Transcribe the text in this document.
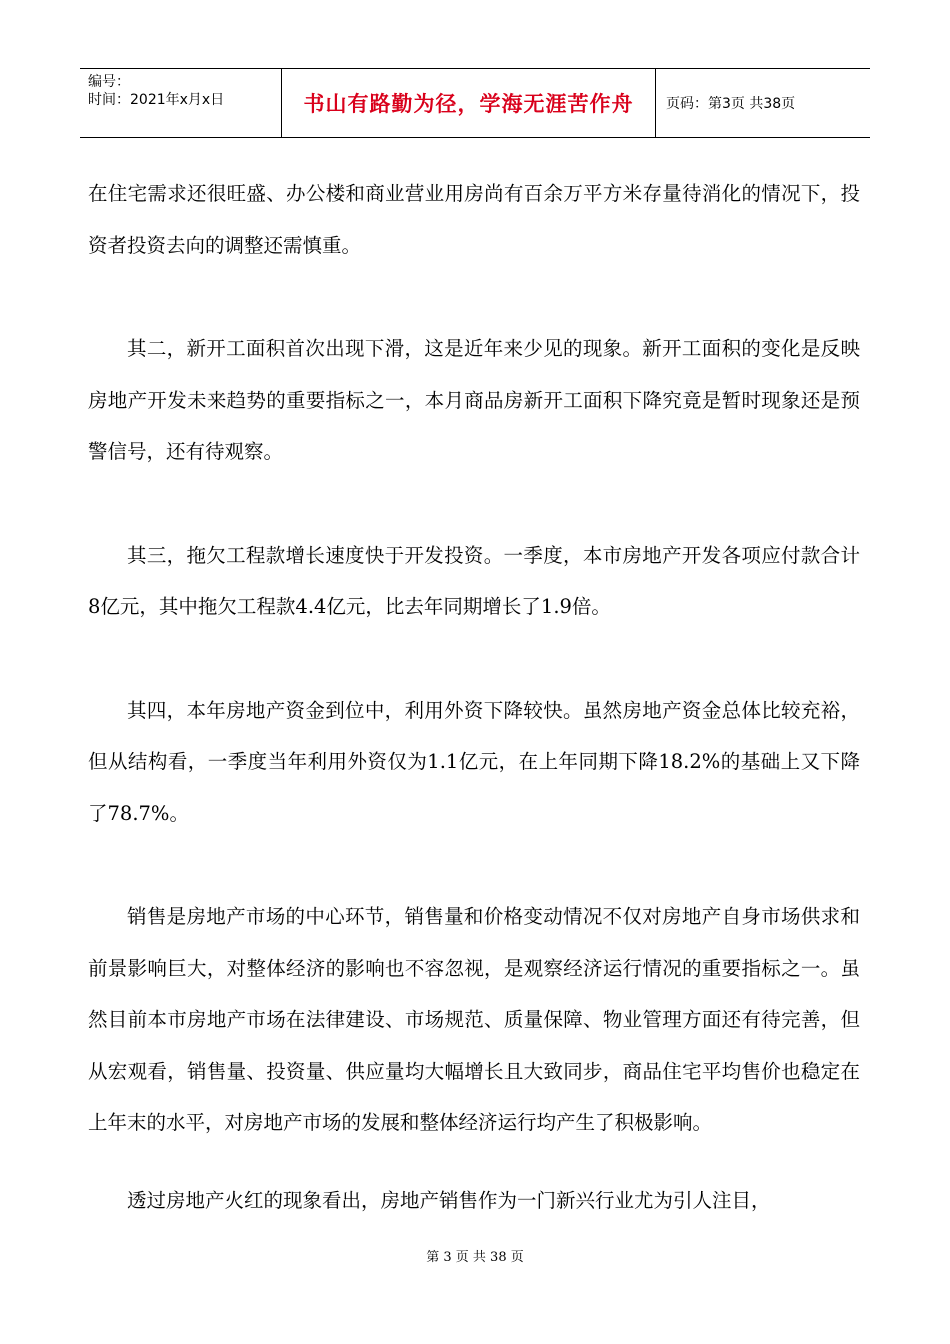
编号：
时间：2021年x月x日	书山有路勤为径，学海无涯苦作舟	页码：第3页 共38页

在住宅需求还很旺盛、办公楼和商业营业用房尚有百余万平方米存量待消化的情况下，投资者投资去向的调整还需慎重。

其二，新开工面积首次出现下滑，这是近年来少见的现象。新开工面积的变化是反映房地产开发未来趋势的重要指标之一，本月商品房新开工面积下降究竟是暂时现象还是预警信号，还有待观察。

其三，拖欠工程款增长速度快于开发投资。一季度，本市房地产开发各项应付款合计8亿元，其中拖欠工程款4.4亿元，比去年同期增长了1.9倍。

其四，本年房地产资金到位中，利用外资下降较快。虽然房地产资金总体比较充裕，但从结构看，一季度当年利用外资仅为1.1亿元，在上年同期下降18.2%的基础上又下降了78.7%。

销售是房地产市场的中心环节，销售量和价格变动情况不仅对房地产自身市场供求和前景影响巨大，对整体经济的影响也不容忽视，是观察经济运行情况的重要指标之一。虽然目前本市房地产市场在法律建设、市场规范、质量保障、物业管理方面还有待完善，但从宏观看，销售量、投资量、供应量均大幅增长且大致同步，商品住宅平均售价也稳定在上年末的水平，对房地产市场的发展和整体经济运行均产生了积极影响。

透过房地产火红的现象看出，房地产销售作为一门新兴行业尤为引人注目，

第 3 页 共 38 页
